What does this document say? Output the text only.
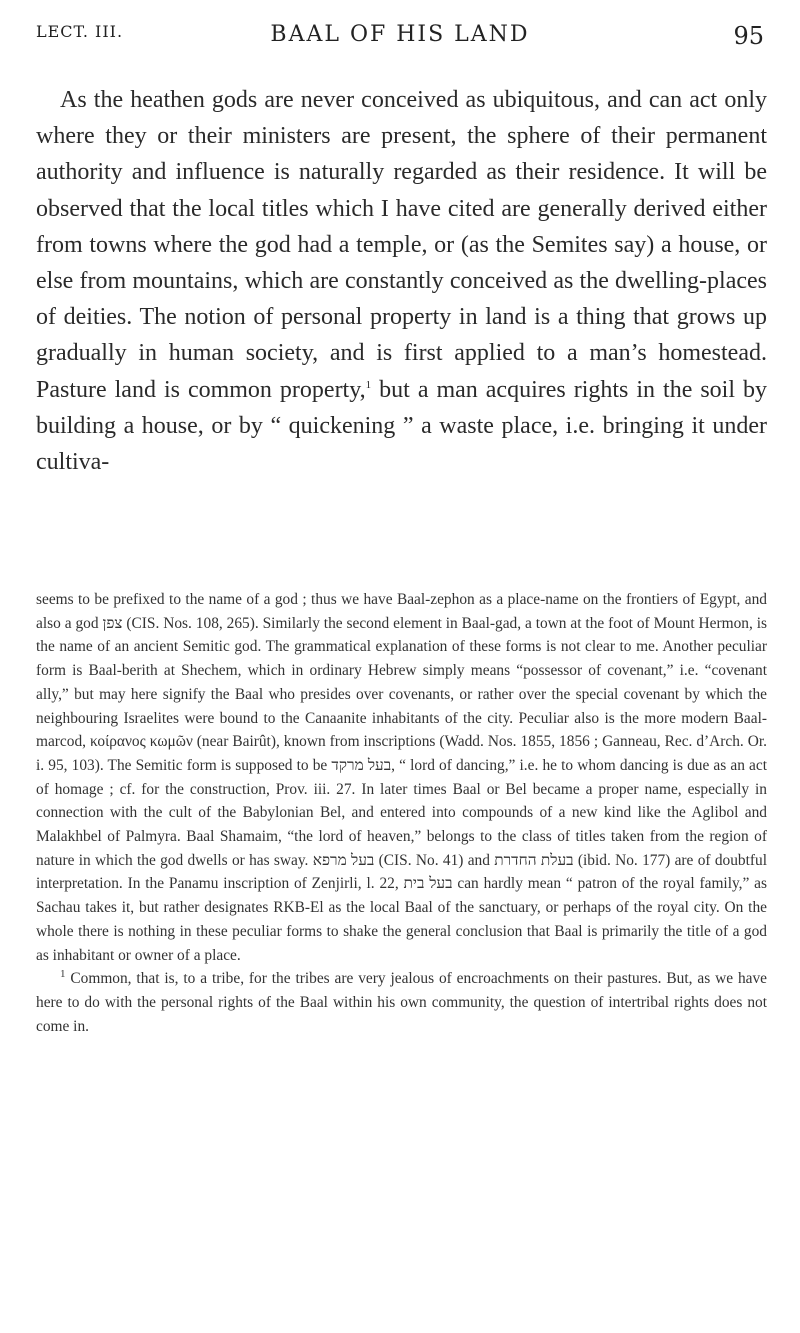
LECT. III.	BAAL OF HIS LAND	95

As the heathen gods are never conceived as ubiquitous, and can act only where they or their ministers are present, the sphere of their permanent authority and influence is naturally regarded as their residence. It will be observed that the local titles which I have cited are generally derived either from towns where the god had a temple, or (as the Semites say) a house, or else from mountains, which are constantly conceived as the dwelling-places of deities. The notion of personal property in land is a thing that grows up gradually in human society, and is first applied to a man’s homestead. Pasture land is common property,$^1$ but a man acquires rights in the soil by building a house, or by “ quickening ” a waste place, i.e. bringing it under cultiva-

seems to be prefixed to the name of a god ; thus we have Baal-zephon as a place-name on the frontiers of Egypt, and also a god צפן (CIS. Nos. 108, 265). Similarly the second element in Baal-gad, a town at the foot of Mount Hermon, is the name of an ancient Semitic god. The grammatical explanation of these forms is not clear to me. Another peculiar form is Baal-berith at Shechem, which in ordinary Hebrew simply means “possessor of covenant,” i.e. “covenant ally,” but may here signify the Baal who presides over covenants, or rather over the special covenant by which the neighbouring Israelites were bound to the Canaanite inhabitants of the city. Peculiar also is the more modern Baal-marcod, κοίρανος κωμῶν (near Bairût), known from inscriptions (Wadd. Nos. 1855, 1856 ; Ganneau, Rec. d’Arch. Or. i. 95, 103). The Semitic form is supposed to be בעל מרקד, “ lord of dancing,” i.e. he to whom dancing is due as an act of homage ; cf. for the construction, Prov. iii. 27. In later times Baal or Bel became a proper name, especially in connection with the cult of the Babylonian Bel, and entered into compounds of a new kind like the Aglibol and Malakhbel of Palmyra. Baal Shamaim, “the lord of heaven,” belongs to the class of titles taken from the region of nature in which the god dwells or has sway. בעל מרפא (CIS. No. 41) and בעלת החדרת (ibid. No. 177) are of doubtful interpretation. In the Panamu inscription of Zenjirli, l. 22, בעל בית can hardly mean “ patron of the royal family,” as Sachau takes it, but rather designates RKB-El as the local Baal of the sanctuary, or perhaps of the royal city. On the whole there is nothing in these peculiar forms to shake the general conclusion that Baal is primarily the title of a god as inhabitant or owner of a place.

$^1$ Common, that is, to a tribe, for the tribes are very jealous of encroachments on their pastures. But, as we have here to do with the personal rights of the Baal within his own community, the question of intertribal rights does not come in.
